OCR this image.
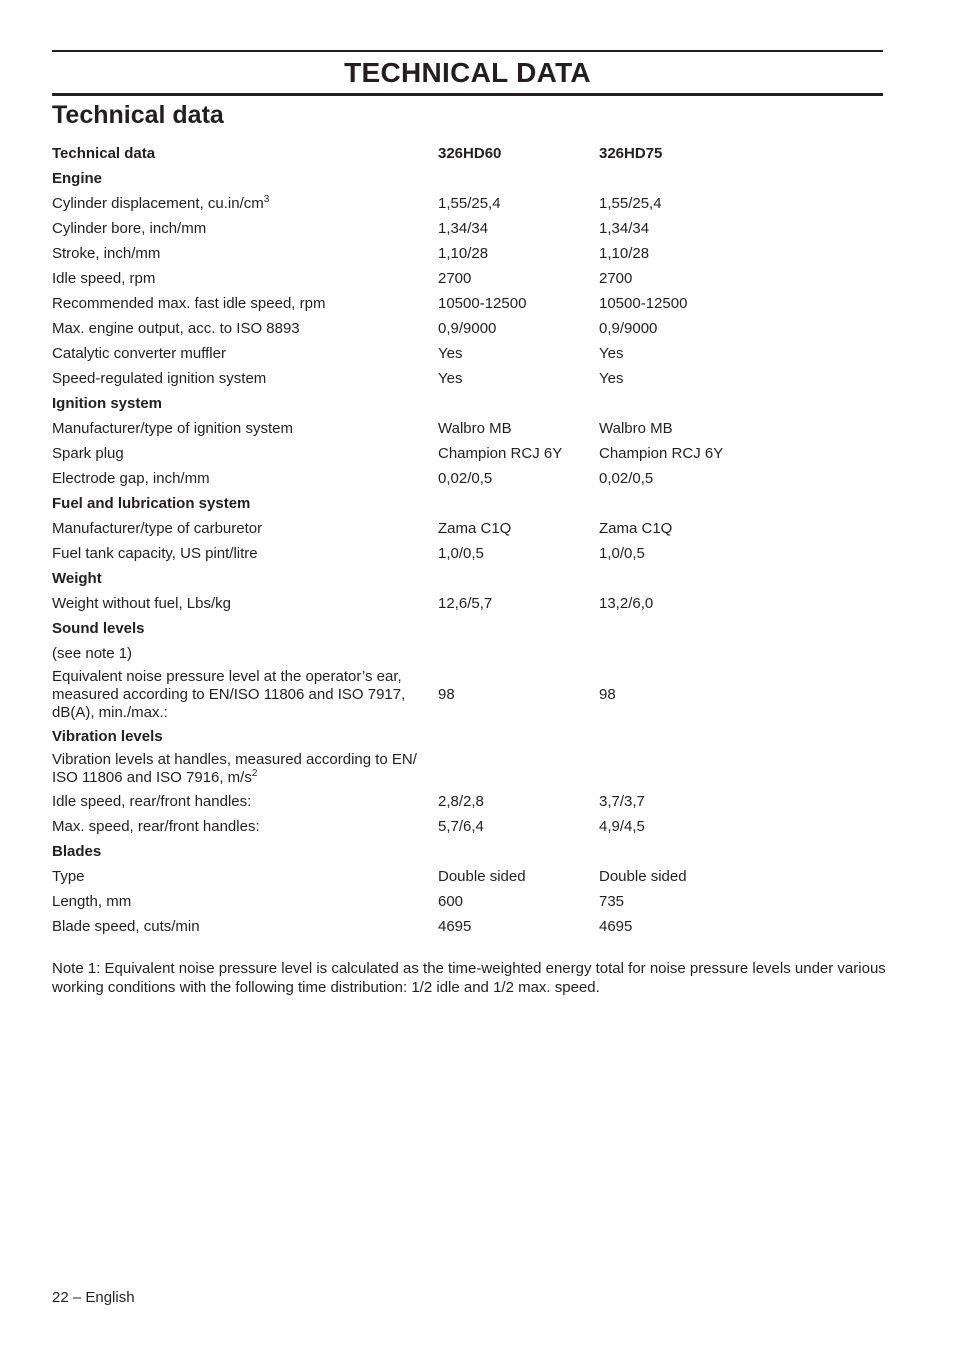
TECHNICAL DATA
Technical data
Technical data	326HD60	326HD75
Engine
Cylinder displacement, $cu.in/cm^3$	1,55/25,4	1,55/25,4
Cylinder bore, inch/mm	1,34/34	1,34/34
Stroke, inch/mm	1,10/28	1,10/28
Idle speed, rpm	2700	2700
Recommended max. fast idle speed, rpm	10500-12500	10500-12500
Max. engine output, acc. to ISO 8893	0,9/9000	0,9/9000
Catalytic converter muffler	Yes	Yes
Speed-regulated ignition system	Yes	Yes
Ignition system
Manufacturer/type of ignition system	Walbro MB	Walbro MB
Spark plug	Champion RCJ 6Y	Champion RCJ 6Y
Electrode gap, inch/mm	0,02/0,5	0,02/0,5
Fuel and lubrication system
Manufacturer/type of carburetor	Zama C1Q	Zama C1Q
Fuel tank capacity, US pint/litre	1,0/0,5	1,0/0,5
Weight
Weight without fuel, Lbs/kg	12,6/5,7	13,2/6,0
Sound levels
(see note 1)
Equivalent noise pressure level at the operator’s ear,
measured according to EN/ISO 11806 and ISO 7917,
dB(A), min./max.:
98	98
Vibration levels
Vibration levels at handles, measured according to EN/
ISO 11806 and ISO 7916, $m/s^2$
Idle speed, rear/front handles:	2,8/2,8	3,7/3,7
Max. speed, rear/front handles:	5,7/6,4	4,9/4,5
Blades
Type	Double sided	Double sided
Length, mm	600	735
Blade speed, cuts/min	4695	4695
Note 1: Equivalent noise pressure level is calculated as the time-weighted energy total for noise pressure levels under various working conditions with the following time distribution: 1/2 idle and 1/2 max. speed.
22 – English
